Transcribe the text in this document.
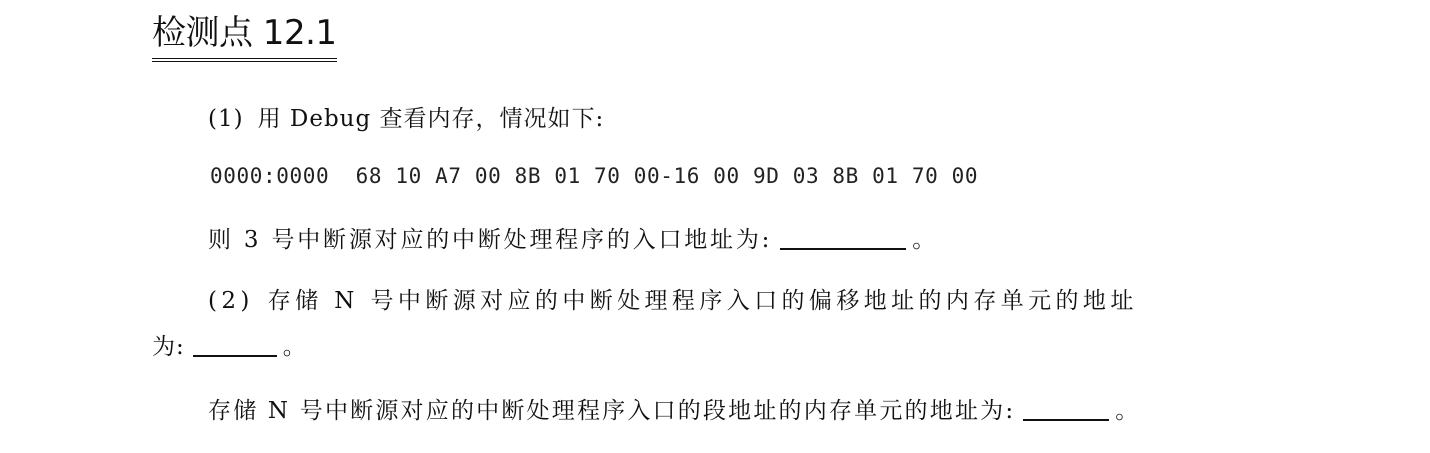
检测点 12.1
(1) 用 Debug 查看内存，情况如下:
0000:0000  68 10 A7 00 8B 01 70 00-16 00 9D 03 8B 01 70 00
则 3 号中断源对应的中断处理程序的入口地址为:	。
(2) 存储 N 号中断源对应的中断处理程序入口的偏移地址的内存单元的地址
为:	。
存储 N 号中断源对应的中断处理程序入口的段地址的内存单元的地址为:	。
